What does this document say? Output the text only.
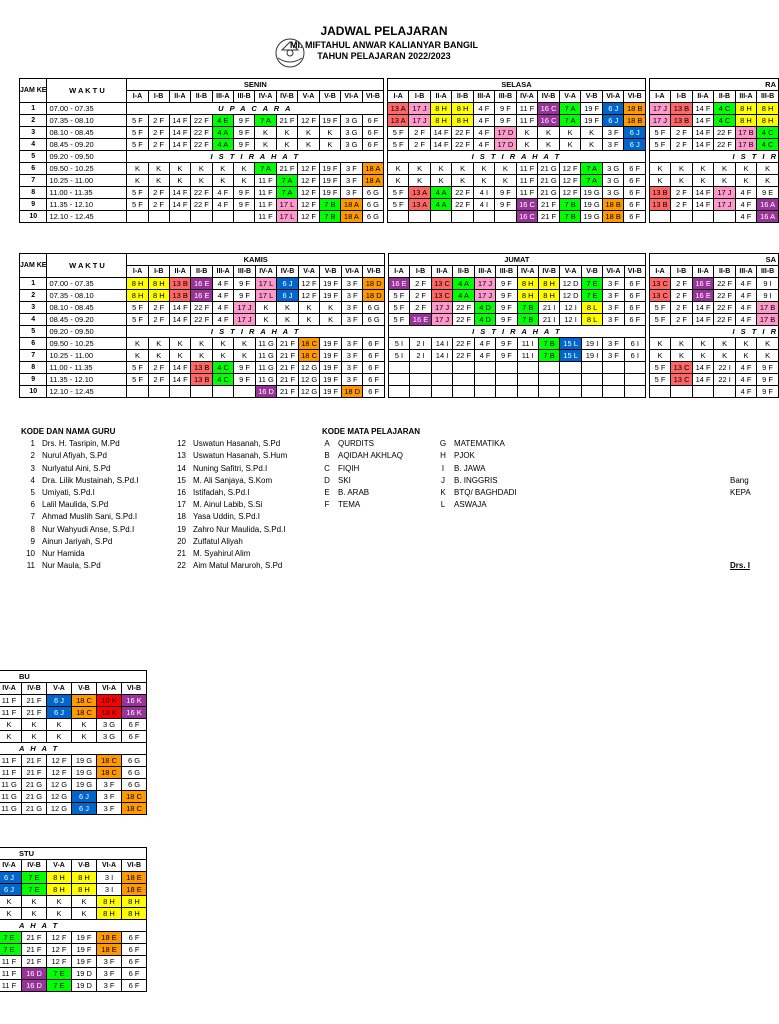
JADWAL PELAJARAN
MI. MIFTAHUL ANWAR KALIANYAR BANGIL
TAHUN PELAJARAN 2022/2023
JAM KE	W A K T U	SENIN													SELASA													RA					
		I-A	I-B	II-A	II-B	III-A	III-B	IV-A	IV-B	V-A	V-B	VI-A	VI-B		I-A	I-B	II-A	II-B	III-A	III-B	IV-A	IV-B	V-A	V-B	VI-A	VI-B		I-A	I-B	II-A	II-B	III-A	III-B
1	07.00 - 07.35	U P A C A R A													13 A	17 J	8 H	8 H	4 F	9 F	11 F	16 C	7 A	19 F	6 J	18 B		17 J	13 B	14 F	4 C	8 H	8 H
2	07.35 - 08.10	5 F	2 F	14 F	22 F	4 E	9 F	7 A	21 F	12 F	19 F	3 G	6 F		13 A	17 J	8 H	8 H	4 F	9 F	11 F	16 C	7 A	19 F	6 J	18 B		17 J	13 B	14 F	4 C	8 H	8 H
3	08.10 - 08.45	5 F	2 F	14 F	22 F	4 A	9 F	K	K	K	K	3 G	6 F		5 F	2 F	14 F	22 F	4 F	17 D	K	K	K	K	3 F	6 J		5 F	2 F	14 F	22 F	17 B	4 C
4	08.45 - 09.20	5 F	2 F	14 F	22 F	4 A	9 F	K	K	K	K	3 G	6 F		5 F	2 F	14 F	22 F	4 F	17 D	K	K	K	K	3 F	6 J		5 F	2 F	14 F	22 F	17 B	4 C
5	09.20 - 09.50	I S T I R A H A T													I S T I R A H A T													I S T I R					
6	09.50 - 10.25	K	K	K	K	K	K	7 A	21 F	12 F	19 F	3 F	18 A		K	K	K	K	K	K	11 F	21 G	12 F	7 A	3 G	6 F		K	K	K	K	K	K
7	10.25 - 11.00	K	K	K	K	K	K	11 F	7 A	12 F	19 F	3 F	18 A		K	K	K	K	K	K	11 F	21 G	12 F	7 A	3 G	6 F		K	K	K	K	K	K
8	11.00 - 11.35	5 F	2 F	14 F	22 F	4 F	9 F	11 F	7 A	12 F	19 F	3 F	6 G		5 F	13 A	4 A	22 F	4 I	9 F	11 F	21 G	12 F	19 G	3 G	6 F		13 B	2 F	14 F	17 J	4 F	9 E
9	11.35 - 12.10	5 F	2 F	14 F	22 F	4 F	9 F	11 F	17 L	12 F	7 B	18 A	6 G		5 F	13 A	4 A	22 F	4 I	9 F	16 C	21 F	7 B	19 G	18 B	6 F		13 B	2 F	14 F	17 J	4 F	16 A
10	12.10 - 12.45							11 F	17 L	12 F	7 B	18 A	6 G								16 C	21 F	7 B	19 G	18 B	6 F						4 F	16 A
JAM KE	W A K T U	KAMIS													JUMAT													SA					
		I-A	I-B	II-A	II-B	III-A	III-B	IV-A	IV-B	V-A	V-B	VI-A	VI-B		I-A	I-B	II-A	II-B	III-A	III-B	IV-A	IV-B	V-A	V-B	VI-A	VI-B		I-A	I-B	II-A	II-B	III-A	III-B
1	07.00 - 07.35	8 H	8 H	13 B	16 E	4 F	9 F	17 L	6 J	12 F	19 F	3 F	18 D		16 E	2 F	13 C	4 A	17 J	9 F	8 H	8 H	12 D	7 E	3 F	6 F		13 C	2 F	16 E	22 F	4 F	9 I
2	07.35 - 08.10	8 H	8 H	13 B	16 E	4 F	9 F	17 L	6 J	12 F	19 F	3 F	18 D		5 F	2 F	13 C	4 A	17 J	9 F	8 H	8 H	12 D	7 E	3 F	6 F		13 C	2 F	16 E	22 F	4 F	9 I
3	08.10 - 08.45	5 F	2 F	14 F	22 F	4 F	17 J	K	K	K	K	3 F	6 G		5 F	2 F	17 J	22 F	4 D	9 F	7 B	21 I	12 I	8 L	3 F	6 F		5 F	2 F	14 F	22 F	4 F	17 B
4	08.45 - 09.20	5 F	2 F	14 F	22 F	4 F	17 J	K	K	K	K	3 F	6 G		5 F	16 E	17 J	22 F	4 D	9 F	7 B	21 I	12 I	8 L	3 F	6 F		5 F	2 F	14 F	22 F	4 F	17 B
5	09.20 - 09.50	I S T I R A H A T													I S T I R A H A T													I S T I R					
6	09.50 - 10.25	K	K	K	K	K	K	11 G	21 F	18 C	19 F	3 F	6 F		5 I	2 I	14 I	22 F	4 F	9 F	11 I	7 B	15 L	19 I	3 F	6 I		K	K	K	K	K	K
7	10.25 - 11.00	K	K	K	K	K	K	11 G	21 F	18 C	19 F	3 F	6 F		5 I	2 I	14 I	22 F	4 F	9 F	11 I	7 B	15 L	19 I	3 F	6 I		K	K	K	K	K	K
8	11.00 - 11.35	5 F	2 F	14 F	13 B	4 C	9 F	11 G	21 F	12 G	19 F	3 F	6 F															5 F	13 C	14 F	22 I	4 F	9 F
9	11.35 - 12.10	5 F	2 F	14 F	13 B	4 C	9 F	11 G	21 F	12 G	19 F	3 F	6 F															5 F	13 C	14 F	22 I	4 F	9 F
10	12.10 - 12.45							16 D	21 F	12 G	19 F	18 D	6 F																			4 F	9 F
KODE DAN NAMA GURU
1 Drs. H. Tasripin, M.Pd
2 Nurul Afiyah, S.Pd
3 Nurlyatul Aini, S.Pd
4 Dra. Lilik Mustainah, S.Pd.I
5 Umiyati, S.Pd.I
6 Lalil Maulida, S.Pd
7 Ahmad Muslih Sani, S.Pd.I
8 Nur Wahyudi Anse, S.Pd.I
9 Ainun Jariyah, S.Pd
10 Nur Hamida
11 Nur Maula, S.Pd
12 Uswatun Hasanah, S.Pd
13 Uswatun Hasanah, S.Hum
14 Nuning Safitri, S.Pd.I
15 M. Ali Sanjaya, S.Kom
16 Istifadah, S.Pd.I
17 M. Ainul Labib, S.Si
18 Yasa Uddin, S.Pd.I
19 Zahro Nur Maulida, S.Pd.I
20 Zulfatul Aliyah
21 M. Syahirul Alim
22 Aim Matul Maruroh, S.Pd
KODE MATA PELAJARAN
A QURDITS
B AQIDAH AKHLAQ
C FIQIH
D SKI
E B. ARAB
F	TEMA
G MATEMATIKA
H PJOK
I	B. JAWA
J	B. INGGRIS
K BTQ/ BAGHDADI
L	ASWAJA
Bang
KEPA
Drs. I
BU					
IV-A	IV-B	V-A	V-B	VI-A	VI-B
11 F	21 F	6 J	18 C	10 K	16 K
11 F	21 F	6 J	18 C	10 K	16 K
K	K	K	K	3 G	6 F
K	K	K	K	3 G	6 F
A H A T					
11 F	21 F	12 F	19 G	18 C	6 G
11 F	21 F	12 F	19 G	18 C	6 G
11 G	21 G	12 G	19 G	3 F	6 G
11 G	21 G	12 G	6 J	3 F	18 C
11 G	21 G	12 G	6 J	3 F	18 C
STU					
IV-A	IV-B	V-A	V-B	VI-A	VI-B
6 J	7 E	8 H	8 H	3 I	18 E
6 J	7 E	8 H	8 H	3 I	18 E
K	K	K	K	8 H	8 H
K	K	K	K	8 H	8 H
A H A T					
7 E	21 F	12 F	19 F	18 E	6 F
7 E	21 F	12 F	19 F	18 E	6 F
11 F	21 F	12 F	19 F	3 F	6 F
11 F	16 D	7 E	19 D	3 F	6 F
11 F	16 D	7 E	19 D	3 F	6 F
